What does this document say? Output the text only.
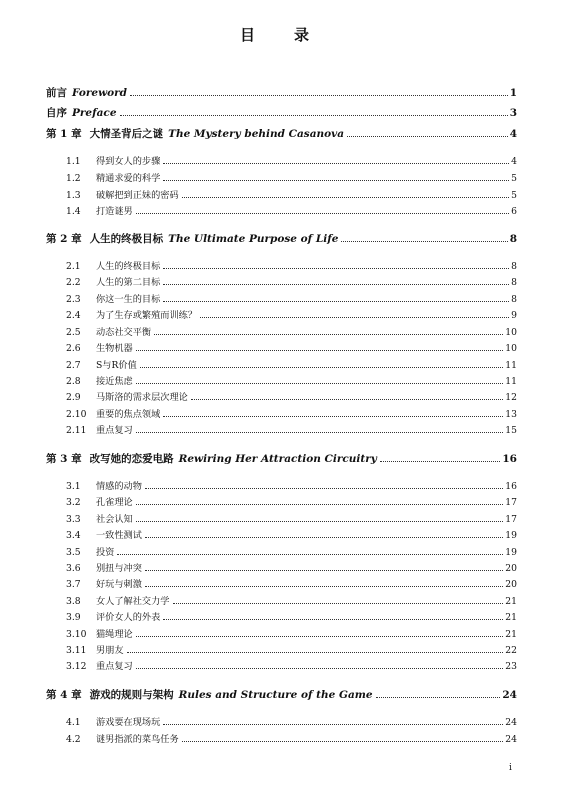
目　录
前言 Foreword	1
自序 Preface	3
第 1 章 大情圣背后之谜 The Mystery behind Casanova	4
1.1	得到女人的步骤	4
1.2	精通求爱的科学	5
1.3	破解把到正妹的密码	5
1.4	打造谜男	6
第 2 章 人生的终极目标 The Ultimate Purpose of Life	8
2.1	人生的终极目标	8
2.2	人生的第二目标	8
2.3	你这一生的目标	8
2.4	为了生存或繁殖而训练？	9
2.5	动态社交平衡	10
2.6	生物机器	10
2.7	S与R价值	11
2.8	接近焦虑	11
2.9	马斯洛的需求层次理论	12
2.10	重要的焦点领域	13
2.11	重点复习	15
第 3 章 改写她的恋爱电路 Rewiring Her Attraction Circuitry	16
3.1	情感的动物	16
3.2	孔雀理论	17
3.3	社会认知	17
3.4	一致性测试	19
3.5	投资	19
3.6	别扭与冲突	20
3.7	好玩与刺激	20
3.8	女人了解社交力学	21
3.9	评价女人的外表	21
3.10	猫绳理论	21
3.11	男朋友	22
3.12	重点复习	23
第 4 章 游戏的规则与架构 Rules and Structure of the Game	24
4.1	游戏要在现场玩	24
4.2	谜男指派的菜鸟任务	24
i
